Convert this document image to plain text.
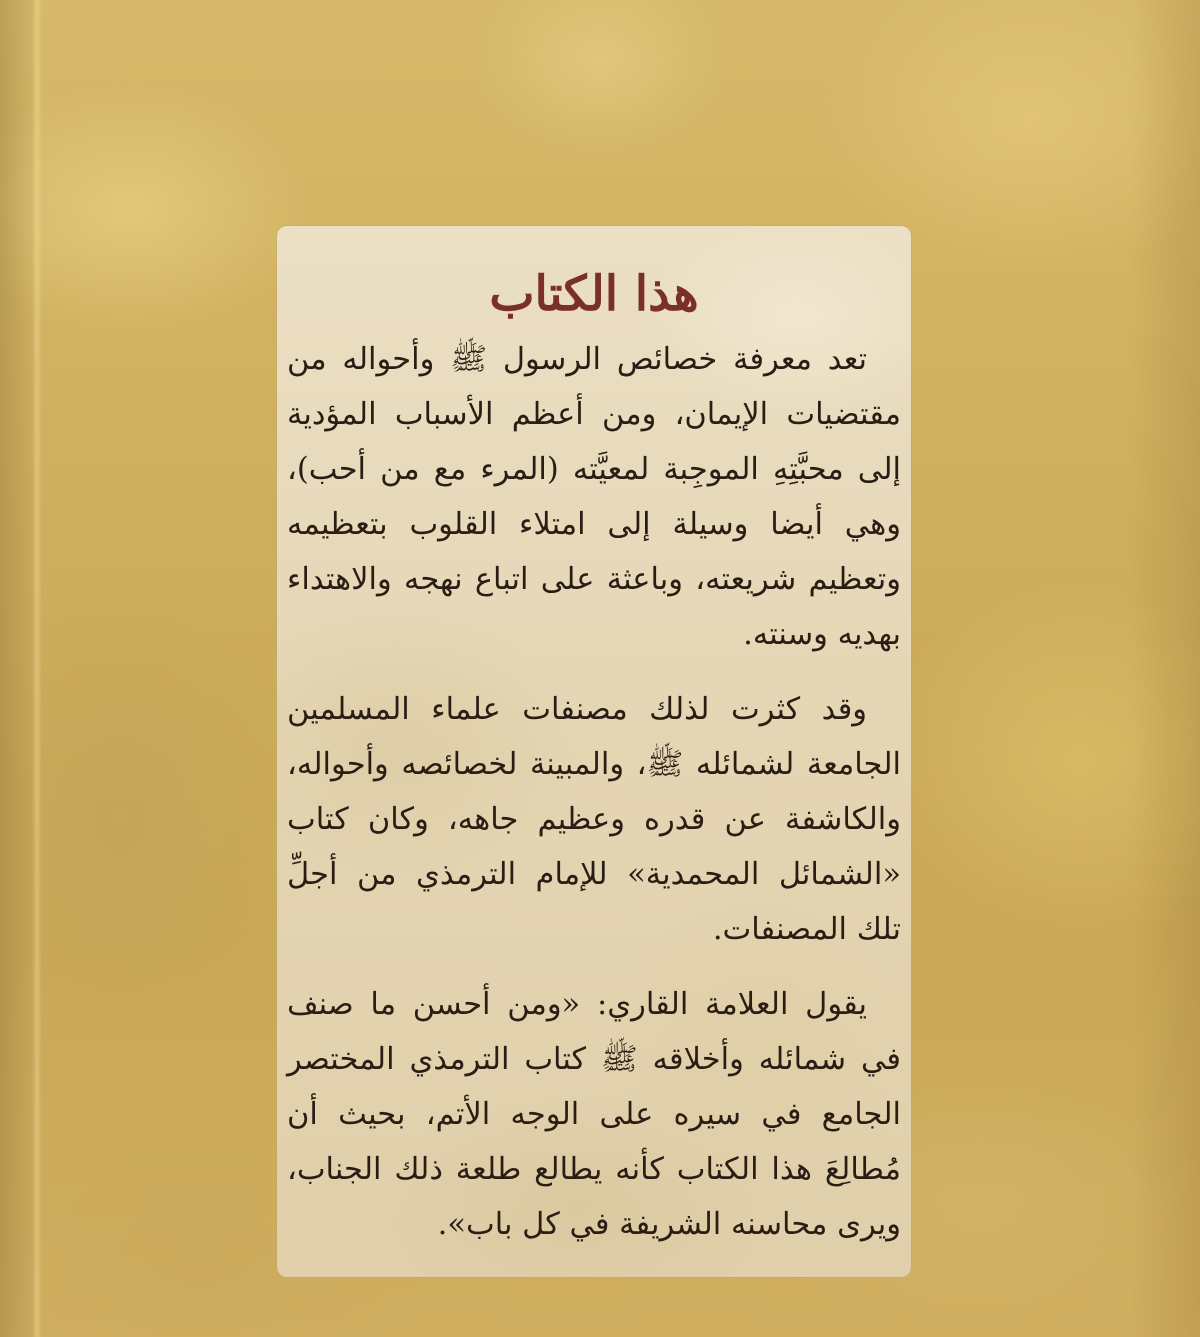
هذا الكتاب

تعد معرفة خصائص الرسول ﷺ وأحواله من مقتضيات الإيمان، ومن أعظم الأسباب المؤدية إلى محبَّتِهِ الموجِبة لمعيَّته (المرء مع من أحب)، وهي أيضا وسيلة إلى امتلاء القلوب بتعظيمه وتعظيم شريعته، وباعثة على اتباع نهجه والاهتداء بهديه وسنته.

وقد كثرت لذلك مصنفات علماء المسلمين الجامعة لشمائله ﷺ، والمبينة لخصائصه وأحواله، والكاشفة عن قدره وعظيم جاهه، وكان كتاب «الشمائل المحمدية» للإمام الترمذي من أجلِّ تلك المصنفات.

يقول العلامة القاري: «ومن أحسن ما صنف في شمائله وأخلاقه ﷺ كتاب الترمذي المختصر الجامع في سيره على الوجه الأتم، بحيث أن مُطالِعَ هذا الكتاب كأنه يطالع طلعة ذلك الجناب، ويرى محاسنه الشريفة في كل باب».
